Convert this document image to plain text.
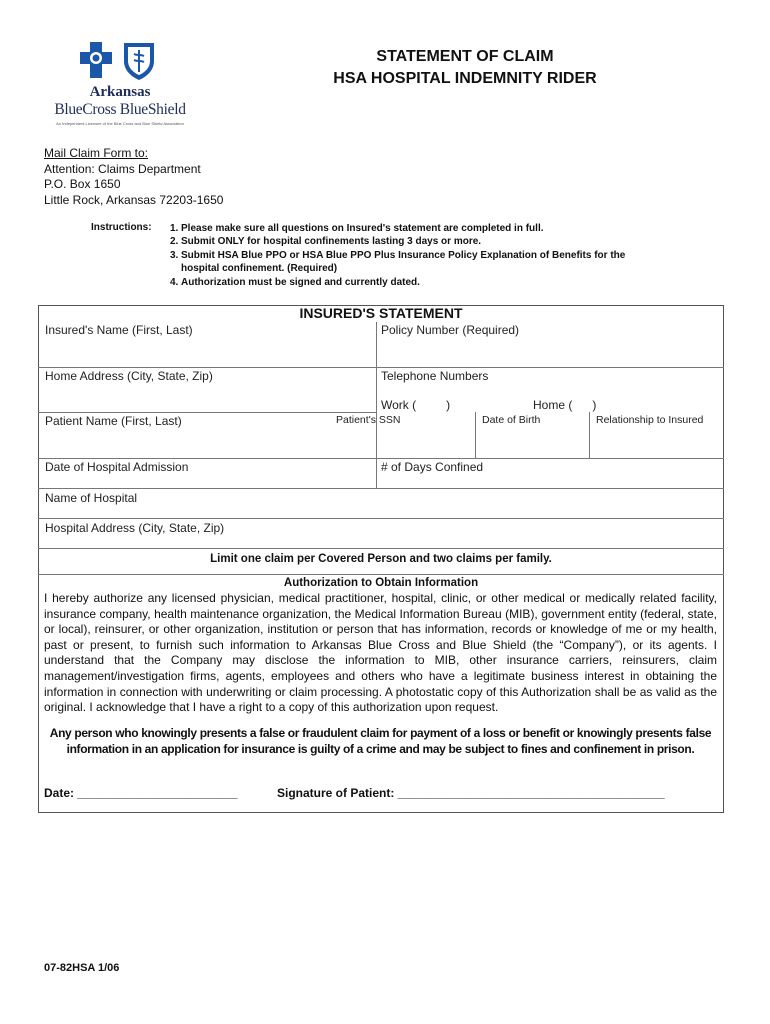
Arkansas
BlueCross BlueShield
An Independent Licensee of the Blue Cross and Blue Shield Association
STATEMENT OF CLAIM
HSA HOSPITAL INDEMNITY RIDER
Mail Claim Form to:
Attention: Claims Department
P.O. Box 1650
Little Rock, Arkansas 72203-1650
Instructions: 1. Please make sure all questions on Insured's statement are completed in full.
2. Submit ONLY for hospital confinements lasting 3 days or more.
3. Submit HSA Blue PPO or HSA Blue PPO Plus Insurance Policy Explanation of Benefits for the
hospital confinement. (Required)
4. Authorization must be signed and currently dated.
INSURED'S STATEMENT
Insured's Name (First, Last)	Policy Number (Required)
Home Address (City, State, Zip)	Telephone Numbers
Work (	)	Home ( )
Patient Name (First, Last)	Patient's SSN	Date of Birth	Relationship to Insured
Date of Hospital Admission	# of Days Confined
Name of Hospital
Hospital Address (City, State, Zip)
Limit one claim per Covered Person and two claims per family.
Authorization to Obtain Information
I hereby authorize any licensed physician, medical practitioner, hospital, clinic, or other medical or medically related facility, insurance company, health maintenance organization, the Medical Information Bureau (MIB), government entity (federal, state, or local), reinsurer, or other organization, institution or person that has information, records or knowledge of me or my health, past or present, to furnish such information to Arkansas Blue Cross and Blue Shield (the “Company”), or its agents. I understand that the Company may disclose the information to MIB, other insurance carriers, reinsurers, claim management/investigation firms, agents, employees and others who have a legitimate business interest in obtaining the information in connection with underwriting or claim processing. A photostatic copy of this Authorization shall be as valid as the original. I acknowledge that I have a right to a copy of this authorization upon request.
Any person who knowingly presents a false or fraudulent claim for payment of a loss or benefit or knowingly presents false information in an application for insurance is guilty of a crime and may be subject to fines and confinement in prison.
Date: ________________________	Signature of Patient: ________________________________________
07-82HSA 1/06
